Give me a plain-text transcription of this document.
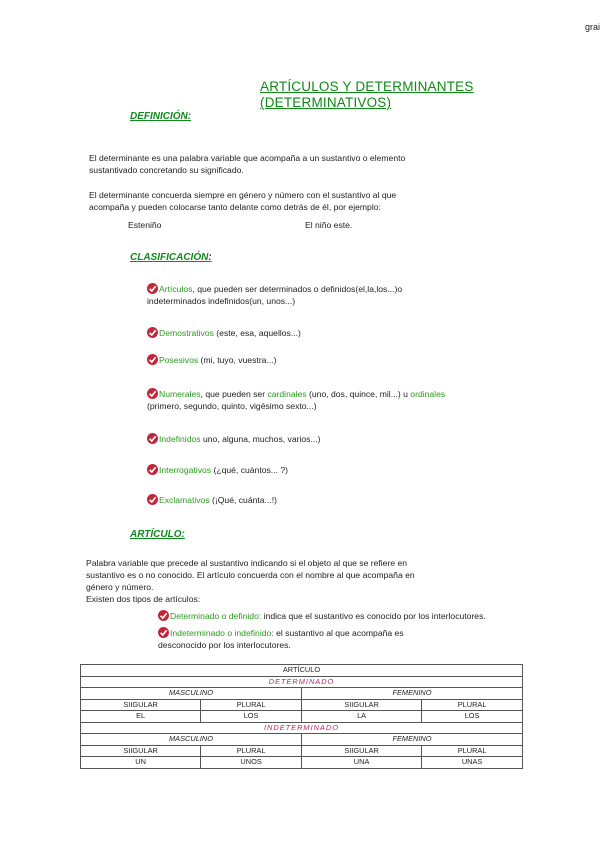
grai
ARTÍCULOS Y DETERMINANTES
(DETERMINATIVOS)
DEFINICIÓN:
El determinante es una palabra variable que acompaña a un sustantivo o elemento
sustantivado concretando su significado.
El determinante concuerda siempre en género y número con el sustantivo al que
acompaña y pueden colocarse tanto delante como detrás de él, por ejemplo:
Esteniño	El niño este.
CLASIFICACIÓN:
Artículos, que pueden ser determinados o definidos(el,la,los...)o
indeterminados indefinidos(un, unos...)
Demostrativos (este, esa, aquellos...)
Posesivos (mi, tuyo, vuestra...)
Numerales, que pueden ser cardinales (uno, dos, quince, mil...) u ordinales
(primero, segundo, quinto, vigésimo sexto...)
Indefinidos uno, alguna, muchos, varios...)
Interrogativos (¿qué, cuántos... ?)
Exclamativos (¡Qué, cuánta...!)
ARTÍCULO:
Palabra variable que precede al sustantivo indicando si el objeto al que se refiere en
sustantivo es o no conocido. El artículo concuerda con el nombre al que acompaña en
género y número.
Existen dos tipos de artículos:
Determinado o definido: indica que el sustantivo es conocido por los interlocutores.
Indeterminado o indefinido: el sustantivo al que acompaña es
desconocido por los interlocutores.
ARTÍCULO			
DETERMINADO			
MASCULINO		FEMENINO	
SIIGULAR	PLURAL	SIIGULAR	PLURAL
EL	LOS	LA	LOS
INDETERMINADO			
MASCULINO		FEMENINO	
SIIGULAR	PLURAL	SIIGULAR	PLURAL
UN	UNOS	UNA	UNAS
